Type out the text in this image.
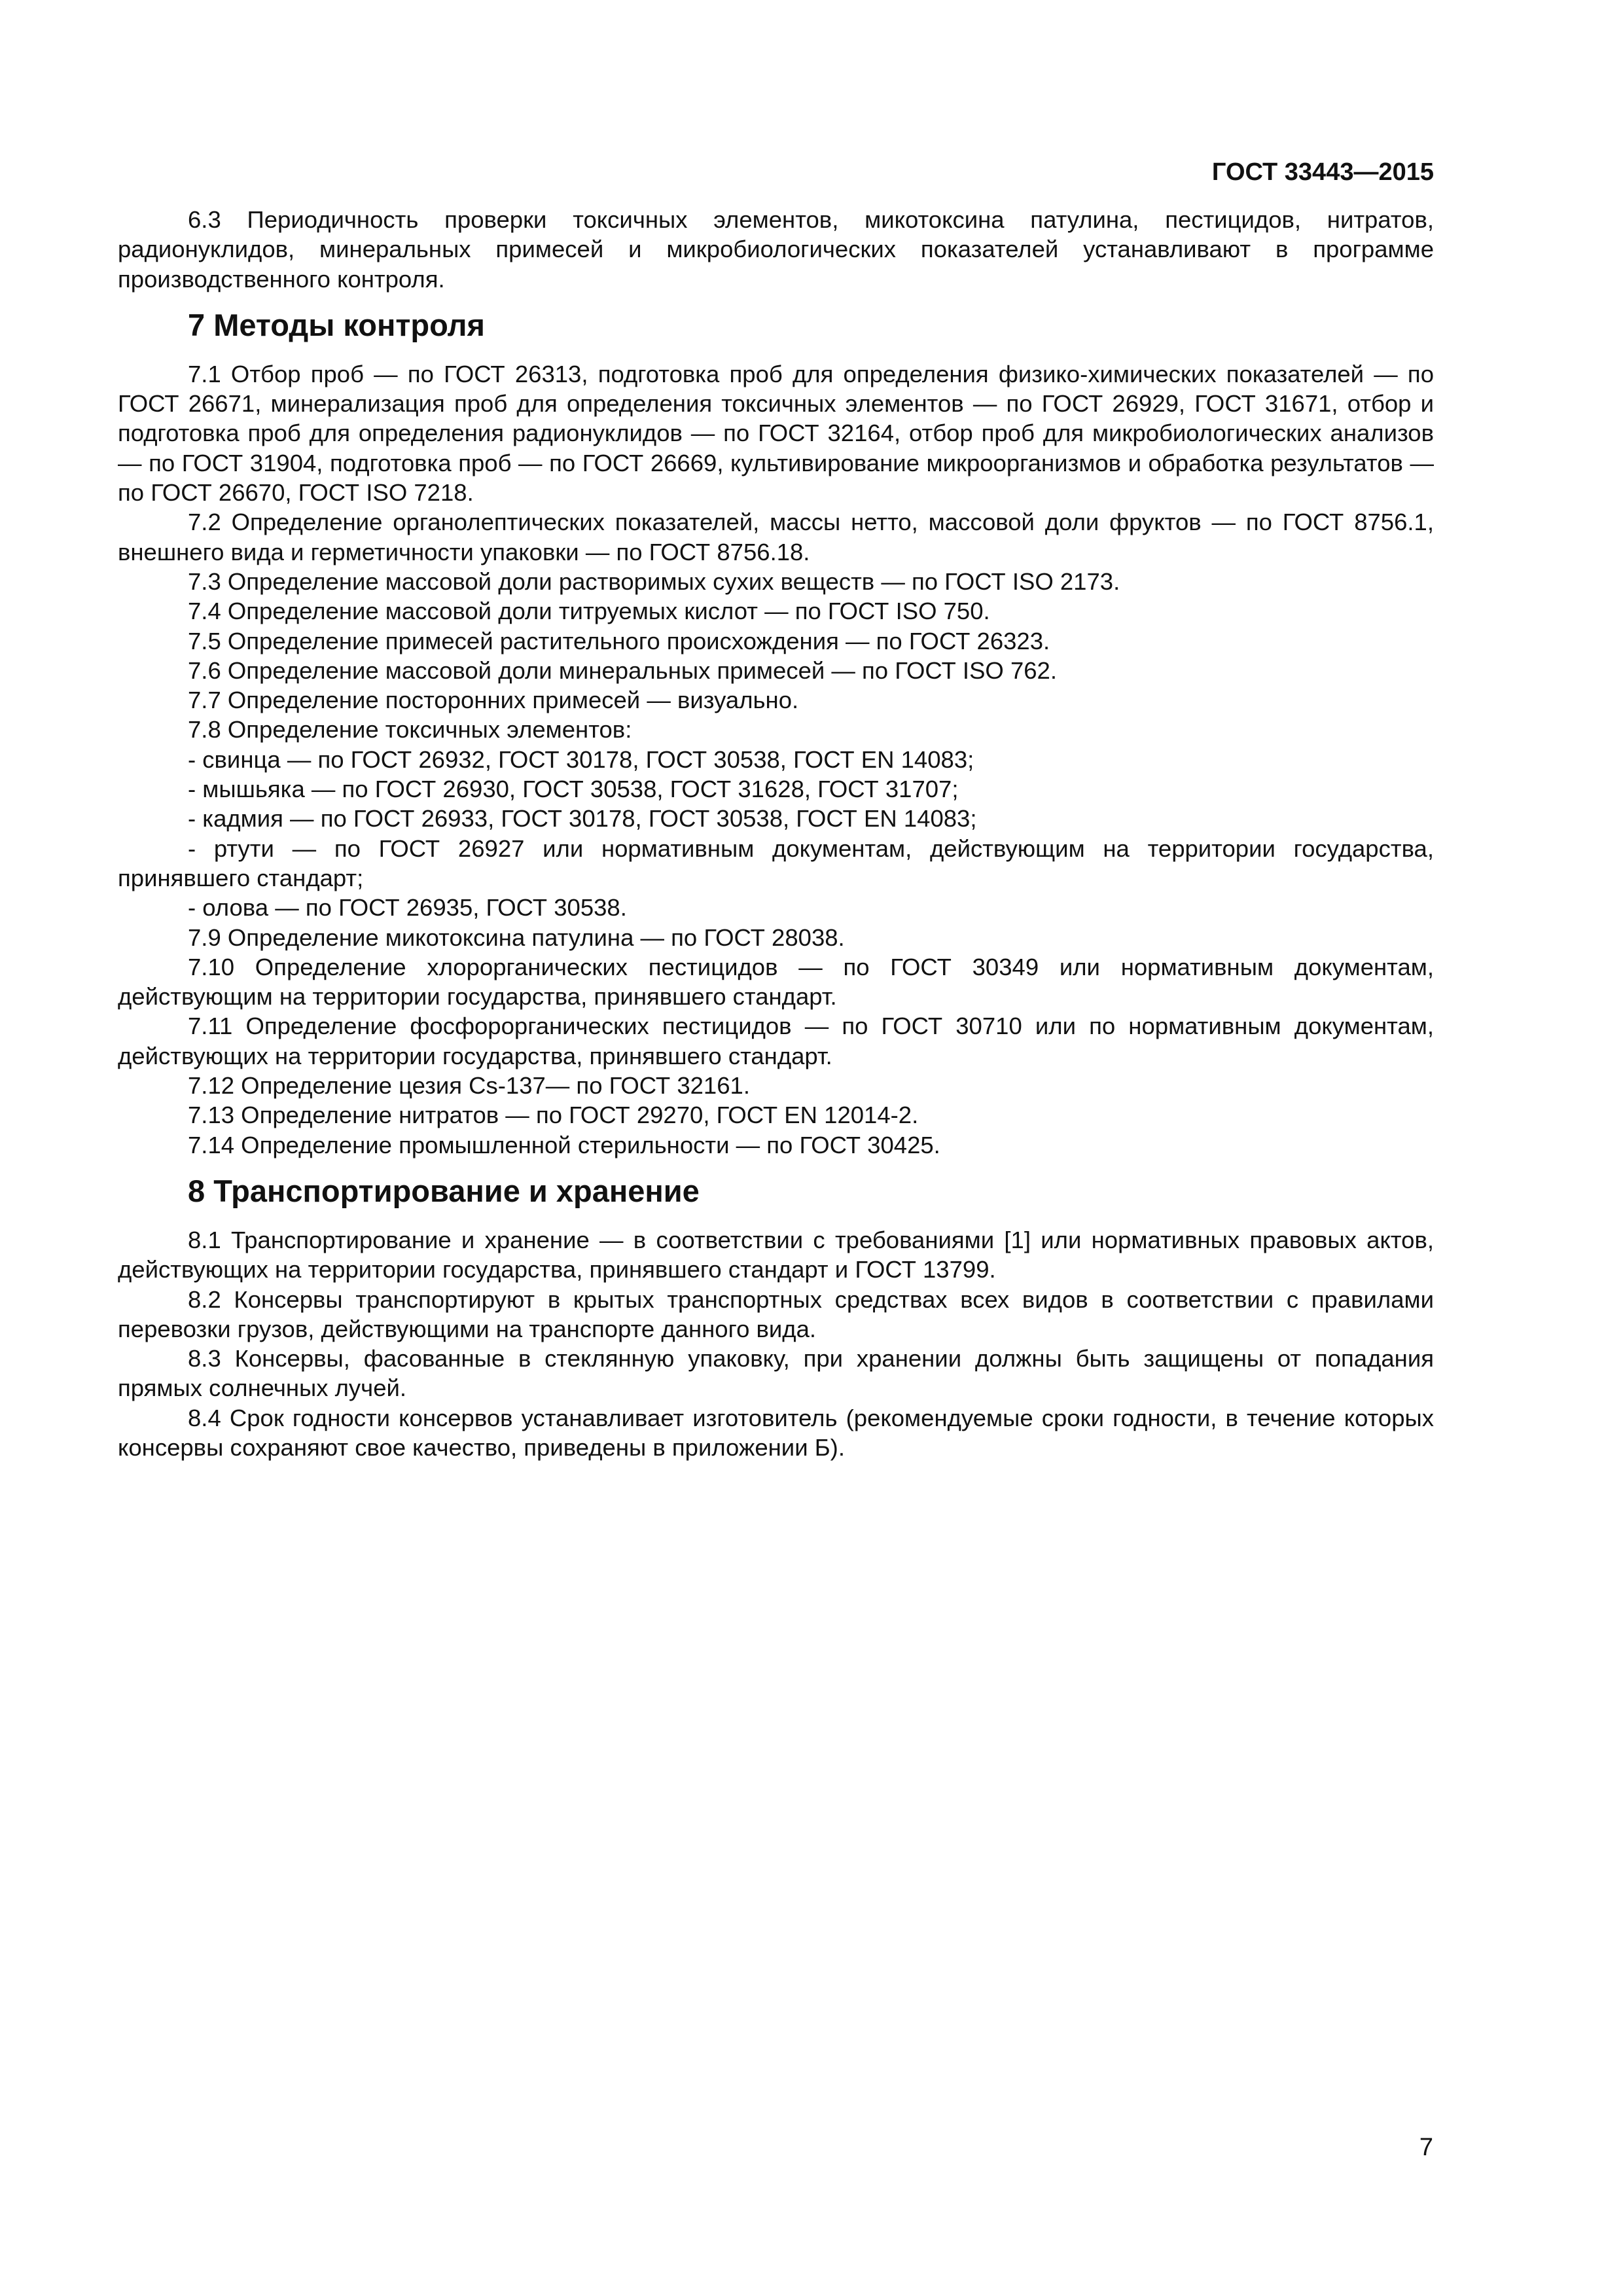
ГОСТ 33443—2015

6.3 Периодичность проверки токсичных элементов, микотоксина патулина, пестицидов, нитратов, радионуклидов, минеральных примесей и микробиологических показателей устанавливают в программе производственного контроля.

7 Методы контроля

7.1 Отбор проб — по ГОСТ 26313, подготовка проб для определения физико-химических показателей — по ГОСТ 26671, минерализация проб для определения токсичных элементов — по ГОСТ 26929, ГОСТ 31671, отбор и подготовка проб для определения радионуклидов — по ГОСТ 32164, отбор проб для микробиологических анализов — по ГОСТ 31904, подготовка проб — по ГОСТ 26669, культивирование микроорганизмов и обработка результатов — по ГОСТ 26670, ГОСТ ISO 7218.

7.2 Определение органолептических показателей, массы нетто, массовой доли фруктов — по ГОСТ 8756.1, внешнего вида и герметичности упаковки — по ГОСТ 8756.18.

7.3 Определение массовой доли растворимых сухих веществ — по ГОСТ ISO 2173.

7.4 Определение массовой доли титруемых кислот — по ГОСТ ISO 750.

7.5 Определение примесей растительного происхождения — по ГОСТ 26323.

7.6 Определение массовой доли минеральных примесей — по ГОСТ ISO 762.

7.7 Определение посторонних примесей — визуально.

7.8 Определение токсичных элементов:

- свинца — по ГОСТ 26932, ГОСТ 30178, ГОСТ 30538, ГОСТ EN 14083;

- мышьяка — по ГОСТ 26930, ГОСТ 30538, ГОСТ 31628, ГОСТ 31707;

- кадмия — по ГОСТ 26933, ГОСТ 30178, ГОСТ 30538, ГОСТ EN 14083;

- ртути — по ГОСТ 26927 или нормативным документам, действующим на территории государства, принявшего стандарт;

- олова — по ГОСТ 26935, ГОСТ 30538.

7.9 Определение микотоксина патулина — по ГОСТ 28038.

7.10 Определение хлорорганических пестицидов — по ГОСТ 30349 или нормативным документам, действующим на территории государства, принявшего стандарт.

7.11 Определение фосфорорганических пестицидов — по ГОСТ 30710 или по нормативным документам, действующих на территории государства, принявшего стандарт.

7.12 Определение цезия Cs-137— по ГОСТ 32161.

7.13 Определение нитратов — по ГОСТ 29270, ГОСТ EN 12014-2.

7.14 Определение промышленной стерильности — по ГОСТ 30425.

8 Транспортирование и хранение

8.1 Транспортирование и хранение — в соответствии с требованиями [1] или нормативных правовых актов, действующих на территории государства, принявшего стандарт и ГОСТ 13799.

8.2 Консервы транспортируют в крытых транспортных средствах всех видов в соответствии с правилами перевозки грузов, действующими на транспорте данного вида.

8.3 Консервы, фасованные в стеклянную упаковку, при хранении должны быть защищены от попадания прямых солнечных лучей.

8.4 Срок годности консервов устанавливает изготовитель (рекомендуемые сроки годности, в течение которых консервы сохраняют свое качество, приведены в приложении Б).

7
